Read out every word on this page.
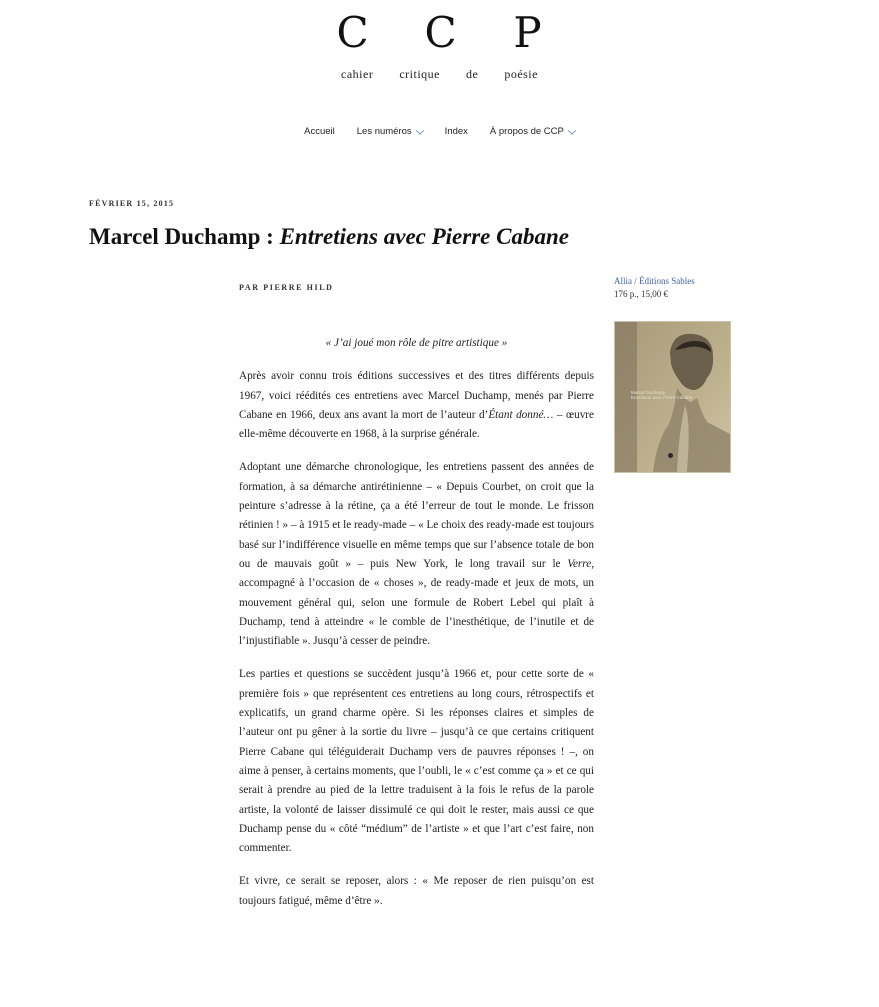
C C P
cahier critique de poésie
Accueil Les numéros	Index À propos de CCP
FÉVRIER 15, 2015
Marcel Duchamp : Entretiens avec Pierre Cabane
PAR PIERRE HILD
Allia / Éditions Sables
176 p., 15,00 €
Marcel Duchamp
Entretiens avec Pierre Cabane

« J’ai joué mon rôle de pitre artistique »

Après avoir connu trois éditions successives et des titres différents depuis 1967, voici réédités ces entretiens avec Marcel Duchamp, menés par Pierre Cabane en 1966, deux ans avant la mort de l’auteur d’Étant donné… – œuvre elle-même découverte en 1968, à la surprise générale.

Adoptant une démarche chronologique, les entretiens passent des années de formation, à sa démarche antirétinienne – « Depuis Courbet, on croit que la peinture s’adresse à la rétine, ça a été l’erreur de tout le monde. Le frisson rétinien ! » – à 1915 et le ready-made – « Le choix des ready-made est toujours basé sur l’indifférence visuelle en même temps que sur l’absence totale de bon ou de mauvais goût » – puis New York, le long travail sur le Verre, accompagné à l’occasion de « choses », de ready-made et jeux de mots, un mouvement général qui, selon une formule de Robert Lebel qui plaît à Duchamp, tend à atteindre « le comble de l’inesthétique, de l’inutile et de l’injustifiable ». Jusqu’à cesser de peindre.

Les parties et questions se succèdent jusqu’à 1966 et, pour cette sorte de « première fois » que représentent ces entretiens au long cours, rétrospectifs et explicatifs, un grand charme opère. Si les réponses claires et simples de l’auteur ont pu gêner à la sortie du livre – jusqu’à ce que certains critiquent Pierre Cabane qui téléguiderait Duchamp vers de pauvres réponses ! –, on aime à penser, à certains moments, que l’oubli, le « c’est comme ça » et ce qui serait à prendre au pied de la lettre traduisent à la fois le refus de la parole artiste, la volonté de laisser dissimulé ce qui doit le rester, mais aussi ce que Duchamp pense du « côté “médium” de l’artiste » et que l’art c’est faire, non commenter.

Et vivre, ce serait se reposer, alors : « Me reposer de rien puisqu’on est toujours fatigué, même d’être ».
